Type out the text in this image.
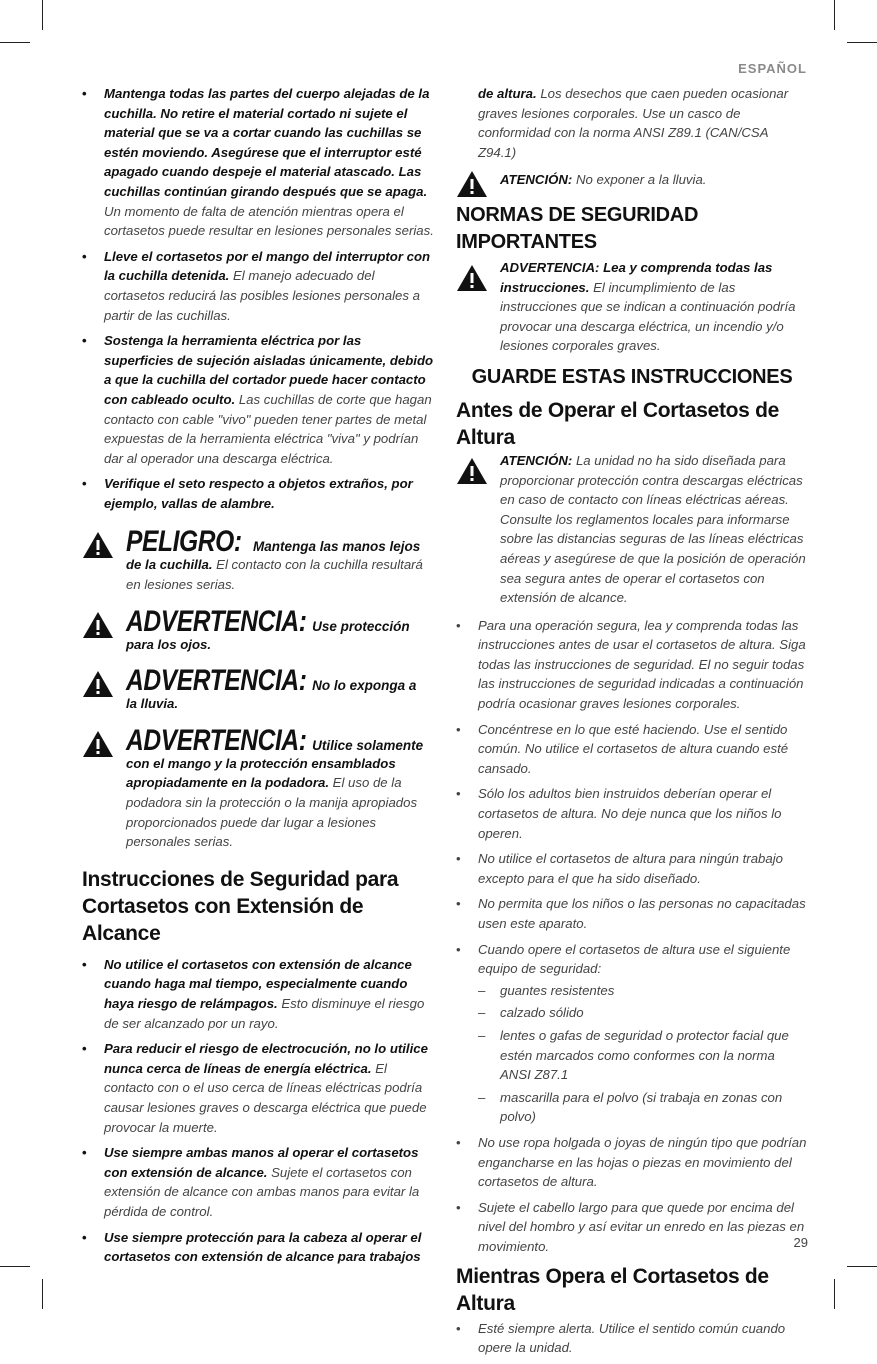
ESPAÑOL
• Mantenga todas las partes del cuerpo alejadas de la cuchilla. No retire el material cortado ni sujete el material que se va a cortar cuando las cuchillas se estén moviendo. Asegúrese que el interruptor esté apagado cuando despeje el material atascado. Las cuchillas continúan girando después que se apaga. Un momento de falta de atención mientras opera el cortasetos puede resultar en lesiones personales serias.
• Lleve el cortasetos por el mango del interruptor con la cuchilla detenida. El manejo adecuado del cortasetos reducirá las posibles lesiones personales a partir de las cuchillas.
• Sostenga la herramienta eléctrica por las superficies de sujeción aisladas únicamente, debido a que la cuchilla del cortador puede hacer contacto con cableado oculto. Las cuchillas de corte que hagan contacto con cable "vivo" pueden tener partes de metal expuestas de la herramienta eléctrica "viva" y podrían dar al operador una descarga eléctrica.
• Verifique el seto respecto a objetos extraños, por ejemplo, vallas de alambre.
PELIGRO: Mantenga las manos lejos
de la cuchilla. El contacto con la cuchilla resultará en lesiones serias.
ADVERTENCIA: Use protección
para los ojos.
ADVERTENCIA: No lo exponga a
la lluvia.
ADVERTENCIA: Utilice solamente
con el mango y la protección ensamblados apropiadamente en la podadora. El uso de la podadora sin la protección o la manija apropiados proporcionados puede dar lugar a lesiones personales serias.
Instrucciones de Seguridad para Cortasetos con Extensión de Alcance
• No utilice el cortasetos con extensión de alcance cuando haga mal tiempo, especialmente cuando haya riesgo de relámpagos. Esto disminuye el riesgo de ser alcanzado por un rayo.
• Para reducir el riesgo de electrocución, no lo utilice nunca cerca de líneas de energía eléctrica. El contacto con o el uso cerca de líneas eléctricas podría causar lesiones graves o descarga eléctrica que puede provocar la muerte.
• Use siempre ambas manos al operar el cortasetos con extensión de alcance. Sujete el cortasetos con extensión de alcance con ambas manos para evitar la pérdida de control.
• Use siempre protección para la cabeza al operar el cortasetos con extensión de alcance para trabajos
de altura. Los desechos que caen pueden ocasionar graves lesiones corporales. Use un casco de conformidad con la norma ANSI Z89.1 (CAN/CSA Z94.1)
ATENCIÓN: No exponer a la lluvia.
NORMAS DE SEGURIDAD IMPORTANTES
ADVERTENCIA: Lea y comprenda todas las instrucciones. El incumplimiento de las instrucciones que se indican a continuación podría provocar una descarga eléctrica, un incendio y/o lesiones corporales graves.
GUARDE ESTAS INSTRUCCIONES
Antes de Operar el Cortasetos de Altura
ATENCIÓN: La unidad no ha sido diseñada para proporcionar protección contra descargas eléctricas en caso de contacto con líneas eléctricas aéreas. Consulte los reglamentos locales para informarse sobre las distancias seguras de las líneas eléctricas aéreas y asegúrese de que la posición de operación sea segura antes de operar el cortasetos con extensión de alcance.
• Para una operación segura, lea y comprenda todas las instrucciones antes de usar el cortasetos de altura. Siga todas las instrucciones de seguridad. El no seguir todas las instrucciones de seguridad indicadas a continuación podría ocasionar graves lesiones corporales.
• Concéntrese en lo que esté haciendo. Use el sentido común. No utilice el cortasetos de altura cuando esté cansado.
• Sólo los adultos bien instruidos deberían operar el cortasetos de altura. No deje nunca que los niños lo operen.
• No utilice el cortasetos de altura para ningún trabajo excepto para el que ha sido diseñado.
• No permita que los niños o las personas no capacitadas usen este aparato.
• Cuando opere el cortasetos de altura use el siguiente equipo de seguridad:
– guantes resistentes
– calzado sólido
– lentes o gafas de seguridad o protector facial que estén marcados como conformes con la norma ANSI Z87.1
– mascarilla para el polvo (si trabaja en zonas con polvo)
• No use ropa holgada o joyas de ningún tipo que podrían engancharse en las hojas o piezas en movimiento del cortasetos de altura.
• Sujete el cabello largo para que quede por encima del nivel del hombro y así evitar un enredo en las piezas en movimiento.
Mientras Opera el Cortasetos de Altura
• Esté siempre alerta. Utilice el sentido común cuando opere la unidad.
29
